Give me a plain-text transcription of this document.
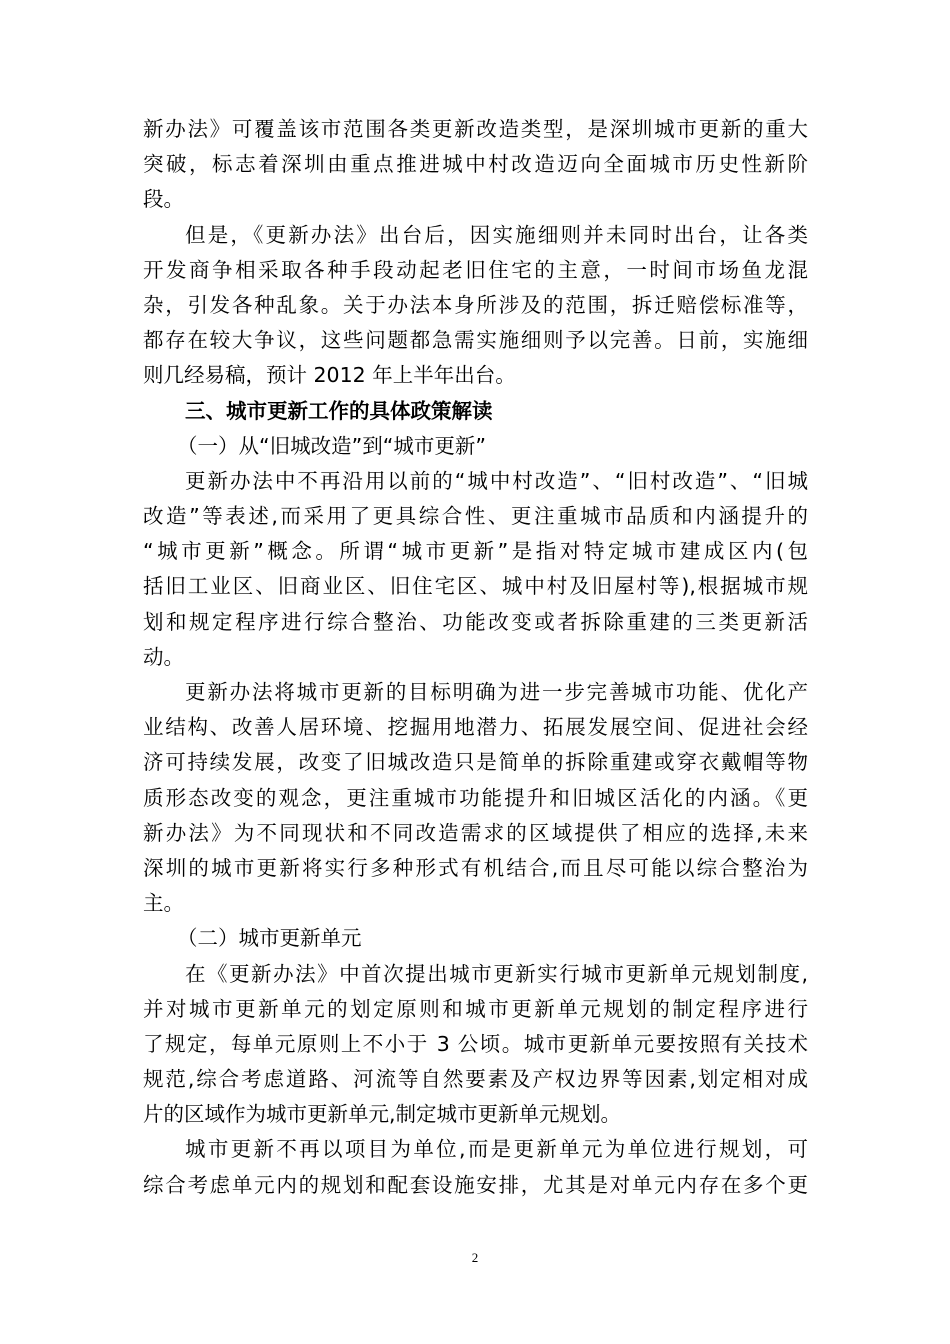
新办法》可覆盖该市范围各类更新改造类型，是深圳城市更新的重大
突破，标志着深圳由重点推进城中村改造迈向全面城市历史性新阶
段。
但是，《更新办法》出台后，因实施细则并未同时出台，让各类
开发商争相采取各种手段动起老旧住宅的主意，一时间市场鱼龙混
杂，引发各种乱象。关于办法本身所涉及的范围，拆迁赔偿标准等，
都存在较大争议，这些问题都急需实施细则予以完善。日前，实施细
则几经易稿，预计 2012 年上半年出台。
三、城市更新工作的具体政策解读
（一）从“旧城改造”到“城市更新”
更新办法中不再沿用以前的“城中村改造”、“旧村改造”、“旧城
改造”等表述,而采用了更具综合性、更注重城市品质和内涵提升的
“城市更新”概念。所谓“城市更新”是指对特定城市建成区内(包
括旧工业区、旧商业区、旧住宅区、城中村及旧屋村等),根据城市规
划和规定程序进行综合整治、功能改变或者拆除重建的三类更新活
动。
更新办法将城市更新的目标明确为进一步完善城市功能、优化产
业结构、改善人居环境、挖掘用地潜力、拓展发展空间、促进社会经
济可持续发展，改变了旧城改造只是简单的拆除重建或穿衣戴帽等物
质形态改变的观念，更注重城市功能提升和旧城区活化的内涵。《更
新办法》为不同现状和不同改造需求的区域提供了相应的选择,未来
深圳的城市更新将实行多种形式有机结合,而且尽可能以综合整治为
主。
（二）城市更新单元
在《更新办法》中首次提出城市更新实行城市更新单元规划制度,
并对城市更新单元的划定原则和城市更新单元规划的制定程序进行
了规定，每单元原则上不小于 3 公顷。城市更新单元要按照有关技术
规范,综合考虑道路、河流等自然要素及产权边界等因素,划定相对成
片的区域作为城市更新单元,制定城市更新单元规划。
城市更新不再以项目为单位,而是更新单元为单位进行规划，可
综合考虑单元内的规划和配套设施安排，尤其是对单元内存在多个更
2
